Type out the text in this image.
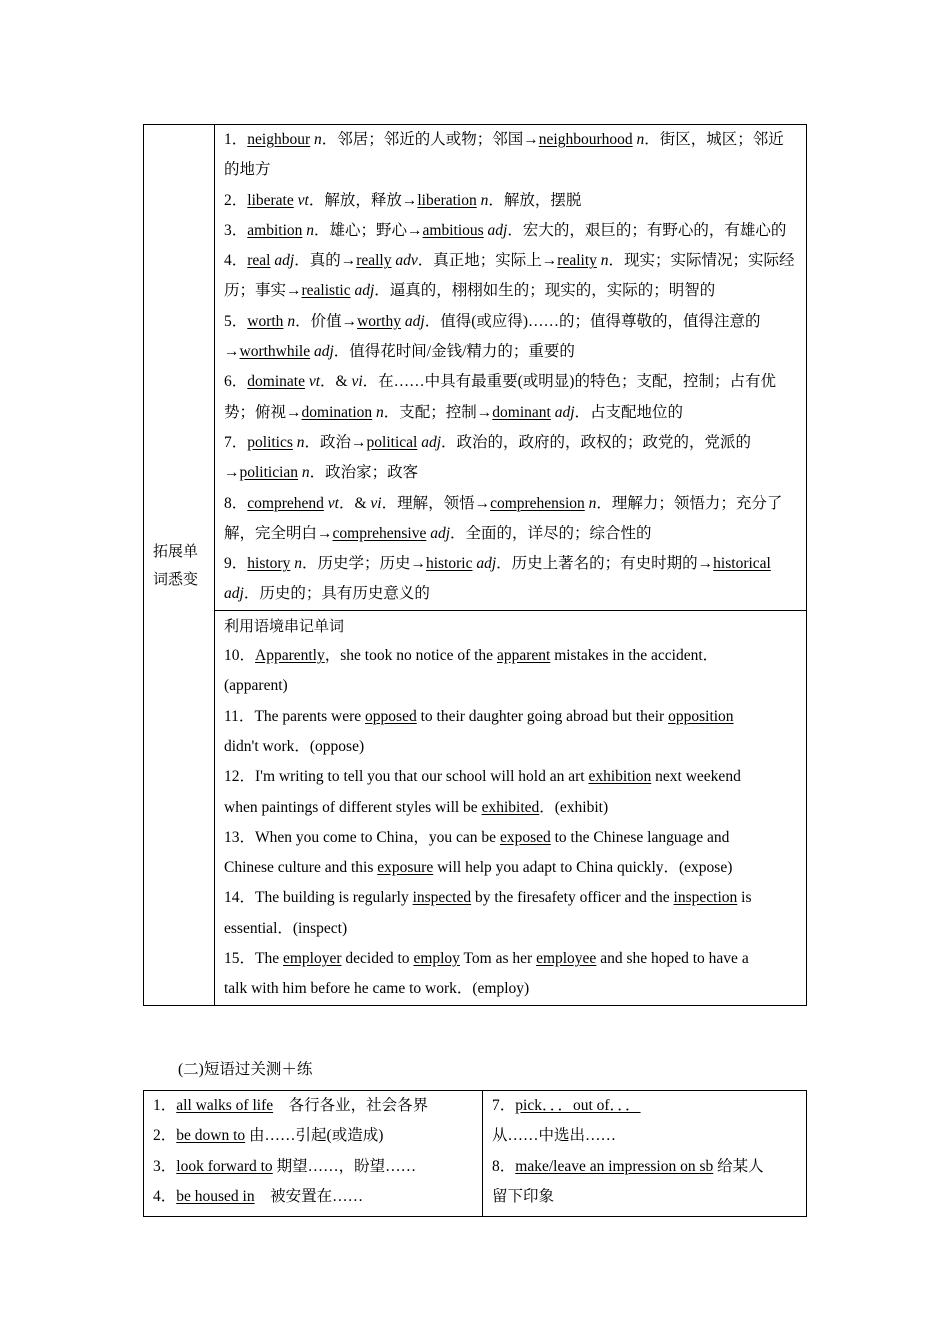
拓展单词悉变	
1．neighbour n．邻居；邻近的人或物；邻国→neighbourhood n．街区，城区；邻近的地方
2．liberate vt．解放，释放→liberation n．解放，摆脱
3．ambition n．雄心；野心→ambitious adj．宏大的，艰巨的；有野心的，有雄心的
4．real adj．真的→really adv．真正地；实际上→reality n．现实；实际情况；实际经历；事实→realistic adj．逼真的，栩栩如生的；现实的，实际的；明智的
5．worth n．价值→worthy adj．值得(或应得)……的；值得尊敬的，值得注意的→worthwhile adj．值得花时间/金钱/精力的；重要的
6．dominate vt．& vi．在……中具有最重要(或明显)的特色；支配，控制；占有优势；俯视→domination n．支配；控制→dominant adj．占支配地位的
7．politics n．政治→political adj．政治的，政府的，政权的；政党的，党派的→politician n．政治家；政客
8．comprehend vt．& vi．理解，领悟→comprehension n．理解力；领悟力；充分了解，完全明白→comprehensive adj．全面的，详尽的；综合性的
9．history n．历史学；历史→historic adj．历史上著名的；有史时期的→historical adj．历史的；具有历史意义的

利用语境串记单词
10．Apparently，she took no notice of the apparent mistakes in the accident．
(apparent)
11．The parents were opposed to their daughter going abroad but their opposition
didn't work．(oppose)
12．I'm writing to tell you that our school will hold an art exhibition next weekend
when paintings of different styles will be exhibited．(exhibit)
13．When you come to China，you can be exposed to the Chinese language and
Chinese culture and this exposure will help you adapt to China quickly．(expose)
14．The building is regularly inspected by the firesafety officer and the inspection is
essential．(inspect)
15．The employer decided to employ Tom as her employee and she hoped to have a
talk with him before he came to work．(employ)
(二)短语过关测＋练
1．all walks of life　各行各业，社会各界
2．be down to 由……引起(或造成)
3．look forward to 期望……，盼望……
4．be housed in　被安置在……

7．pick．．．out of．．．
从……中选出……
8．make/leave an impression on sb 给某人
留下印象
